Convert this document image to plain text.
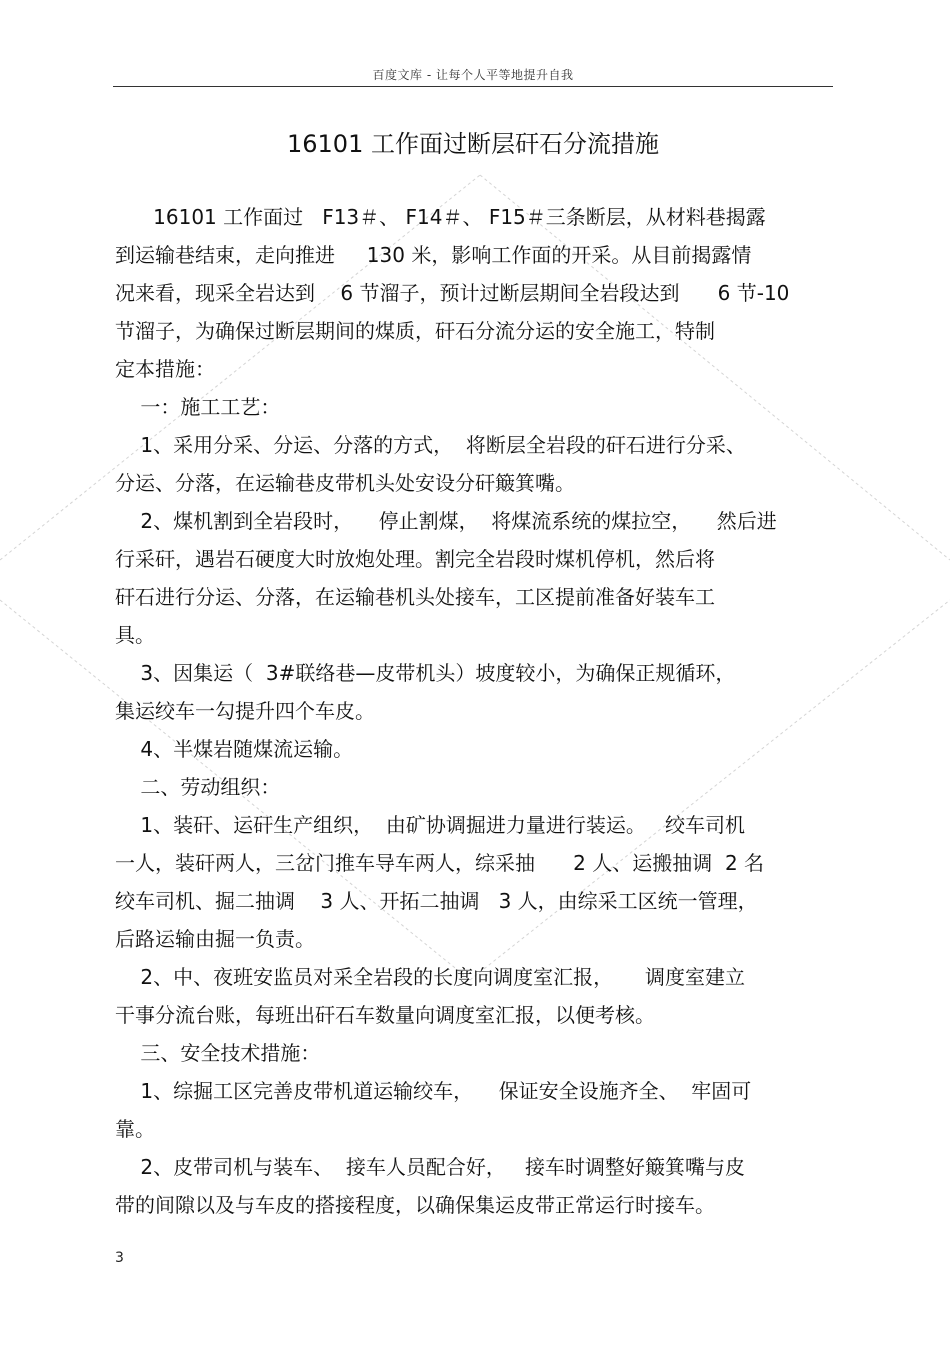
百度文库 - 让每个人平等地提升自我
16101 工作面过断层矸石分流措施
16101 工作面过   F13＃、 F14＃、 F15＃三条断层，从材料巷揭露
到运输巷结束，走向推进     130 米，影响工作面的开采。从目前揭露情
况来看，现采全岩达到    6 节溜子，预计过断层期间全岩段达到      6 节-10
节溜子，为确保过断层期间的煤质，矸石分流分运的安全施工，特制
定本措施：
一：施工工艺：
1、采用分采、分运、分落的方式，  将断层全岩段的矸石进行分采、
分运、分落，在运输巷皮带机头处安设分矸簸箕嘴。
2、煤机割到全岩段时，    停止割煤，  将煤流系统的煤拉空，    然后进
行采矸，遇岩石硬度大时放炮处理。割完全岩段时煤机停机，然后将
矸石进行分运、分落，在运输巷机头处接车，工区提前准备好装车工
具。
3、因集运（  3#联络巷—皮带机头）坡度较小，为确保正规循环，
集运绞车一勾提升四个车皮。
4、半煤岩随煤流运输。
二、劳动组织：
1、装矸、运矸生产组织，  由矿协调掘进力量进行装运。   绞车司机
一人，装矸两人，三岔门推车导车两人，综采抽      2 人、运搬抽调  2 名
绞车司机、掘二抽调    3 人、开拓二抽调   3 人，由综采工区统一管理，
后路运输由掘一负责。
2、中、夜班安监员对采全岩段的长度向调度室汇报，     调度室建立
干事分流台账，每班出矸石车数量向调度室汇报，以便考核。
三、安全技术措施：
1、综掘工区完善皮带机道运输绞车，    保证安全设施齐全、  牢固可
靠。
2、皮带司机与装车、  接车人员配合好，   接车时调整好簸箕嘴与皮
带的间隙以及与车皮的搭接程度，以确保集运皮带正常运行时接车。
3
